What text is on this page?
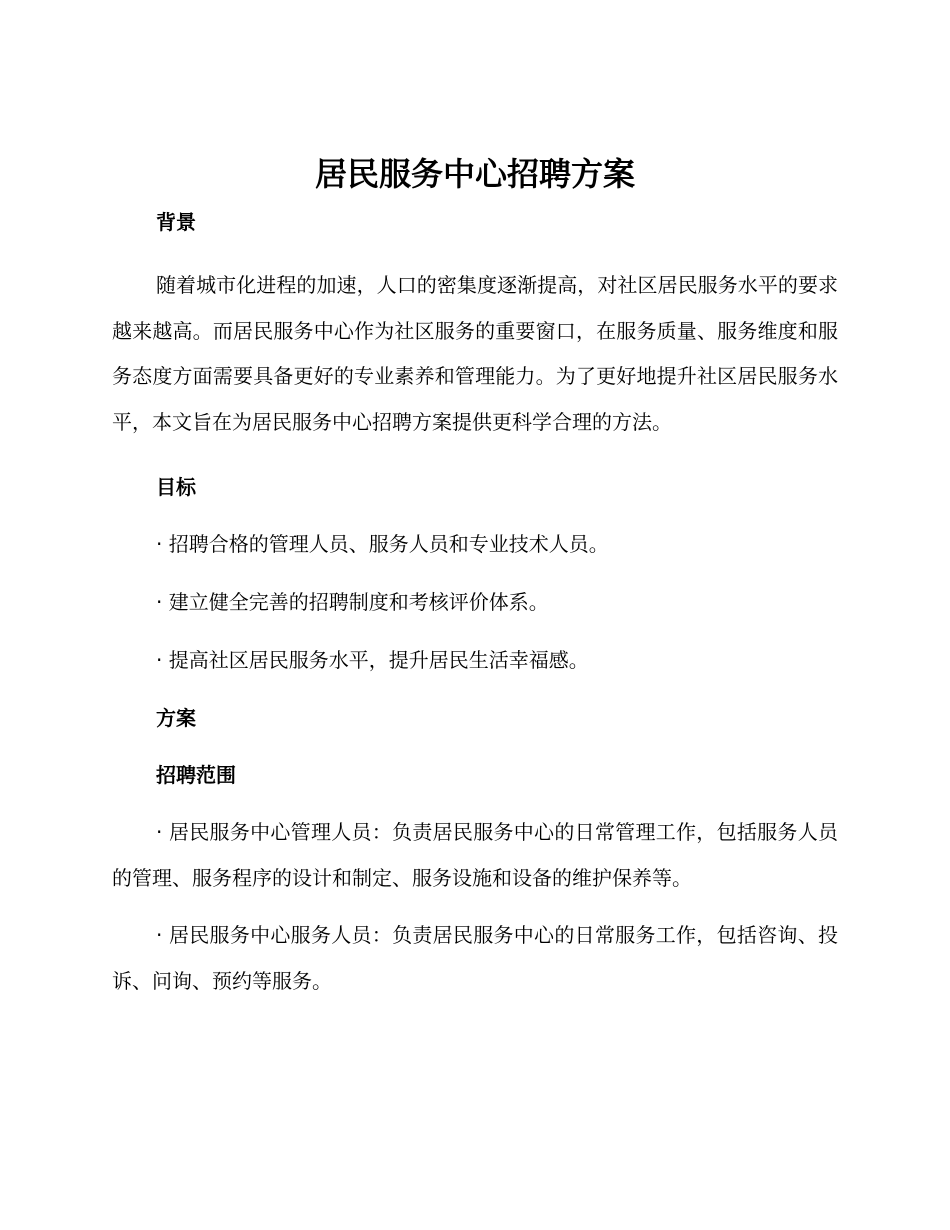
居民服务中心招聘方案
背景

随着城市化进程的加速，人口的密集度逐渐提高，对社区居民服务水平的要求越来越高。而居民服务中心作为社区服务的重要窗口，在服务质量、服务维度和服务态度方面需要具备更好的专业素养和管理能力。为了更好地提升社区居民服务水平，本文旨在为居民服务中心招聘方案提供更科学合理的方法。

目标

· 招聘合格的管理人员、服务人员和专业技术人员。

· 建立健全完善的招聘制度和考核评价体系。

· 提高社区居民服务水平，提升居民生活幸福感。

方案
招聘范围

· 居民服务中心管理人员：负责居民服务中心的日常管理工作，包括服务人员的管理、服务程序的设计和制定、服务设施和设备的维护保养等。

· 居民服务中心服务人员：负责居民服务中心的日常服务工作，包括咨询、投诉、问询、预约等服务。
